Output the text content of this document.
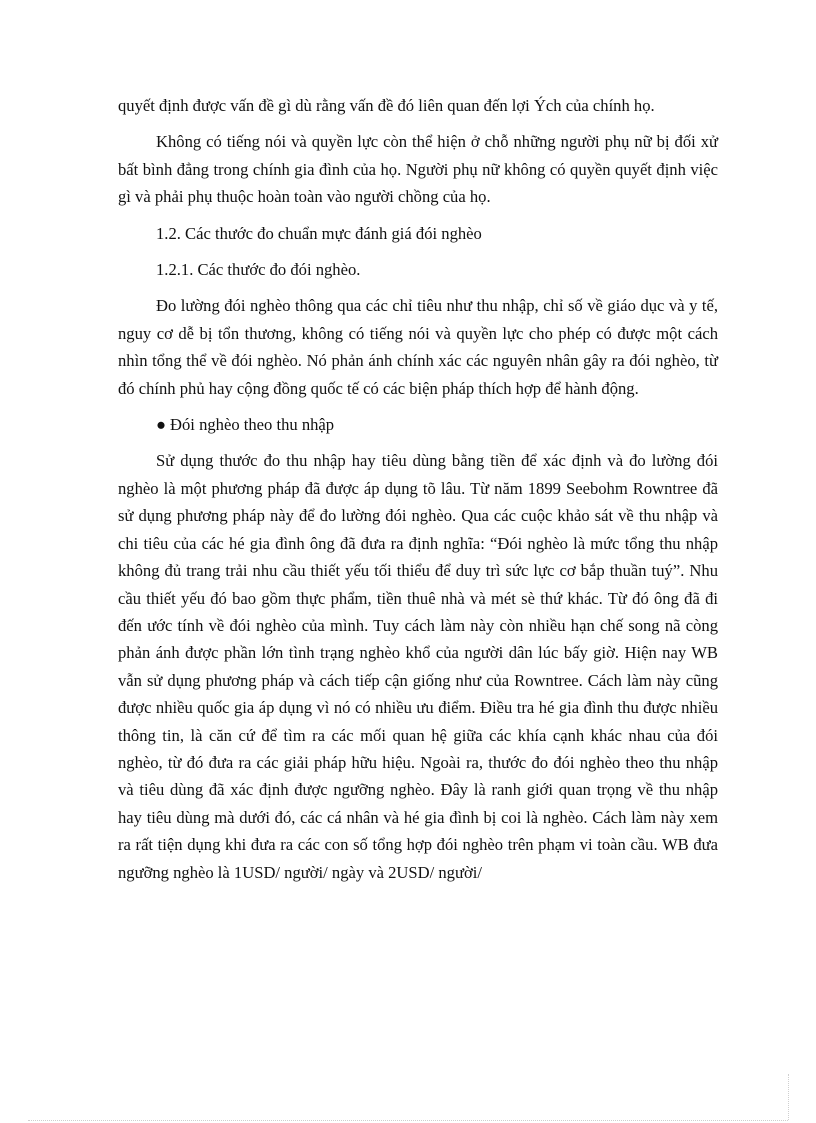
quyết định được vấn đề gì dù rằng vấn đề đó liên quan đến lợi Ých của chính họ.

Không có tiếng nói và quyền lực còn thể hiện ở chỗ những người phụ nữ bị đối xử bất bình đẳng trong chính gia đình của họ. Người phụ nữ không có quyền quyết định việc gì và phải phụ thuộc hoàn toàn vào người chồng của họ.

1.2. Các thước đo chuẩn mực đánh giá đói nghèo

1.2.1. Các thước đo đói nghèo.

Đo lường đói nghèo thông qua các chỉ tiêu như thu nhập, chỉ số về giáo dục và y tế, nguy cơ dễ bị tổn thương, không có tiếng nói và quyền lực cho phép có được một cách nhìn tổng thể về đói nghèo. Nó phản ánh chính xác các nguyên nhân gây ra đói nghèo, từ đó chính phủ hay cộng đồng quốc tế có các biện pháp thích hợp để hành động.

● Đói nghèo theo thu nhập

Sử dụng thước đo thu nhập hay tiêu dùng bằng tiền để xác định và đo lường đói nghèo là một phương pháp đã được áp dụng tõ lâu. Từ năm 1899 Seebohm Rowntree đã sử dụng phương pháp này để đo lường đói nghèo. Qua các cuộc khảo sát về thu nhập và chi tiêu của các hé gia đình ông đã đưa ra định nghĩa: “Đói nghèo là mức tổng thu nhập không đủ trang trải nhu cầu thiết yếu tối thiểu để duy trì sức lực cơ bắp thuần tuý”. Nhu cầu thiết yếu đó bao gồm thực phẩm, tiền thuê nhà và mét sè thứ khác. Từ đó ông đã đi đến ước tính về đói nghèo của mình. Tuy cách làm này còn nhiều hạn chế song nã còng phản ánh được phần lớn tình trạng nghèo khổ của người dân lúc bấy giờ. Hiện nay WB vẫn sử dụng phương pháp và cách tiếp cận giống như của Rowntree. Cách làm này cũng được nhiều quốc gia áp dụng vì nó có nhiều ưu điểm. Điều tra hé gia đình thu được nhiều thông tin, là căn cứ để tìm ra các mối quan hệ giữa các khía cạnh khác nhau của đói nghèo, từ đó đưa ra các giải pháp hữu hiệu. Ngoài ra, thước đo đói nghèo theo thu nhập và tiêu dùng đã xác định được ngưỡng nghèo. Đây là ranh giới quan trọng về thu nhập hay tiêu dùng mà dưới đó, các cá nhân và hé gia đình bị coi là nghèo. Cách làm này xem ra rất tiện dụng khi đưa ra các con số tổng hợp đói nghèo trên phạm vi toàn cầu. WB đưa ngưỡng nghèo là 1USD/ người/ ngày và 2USD/ người/
